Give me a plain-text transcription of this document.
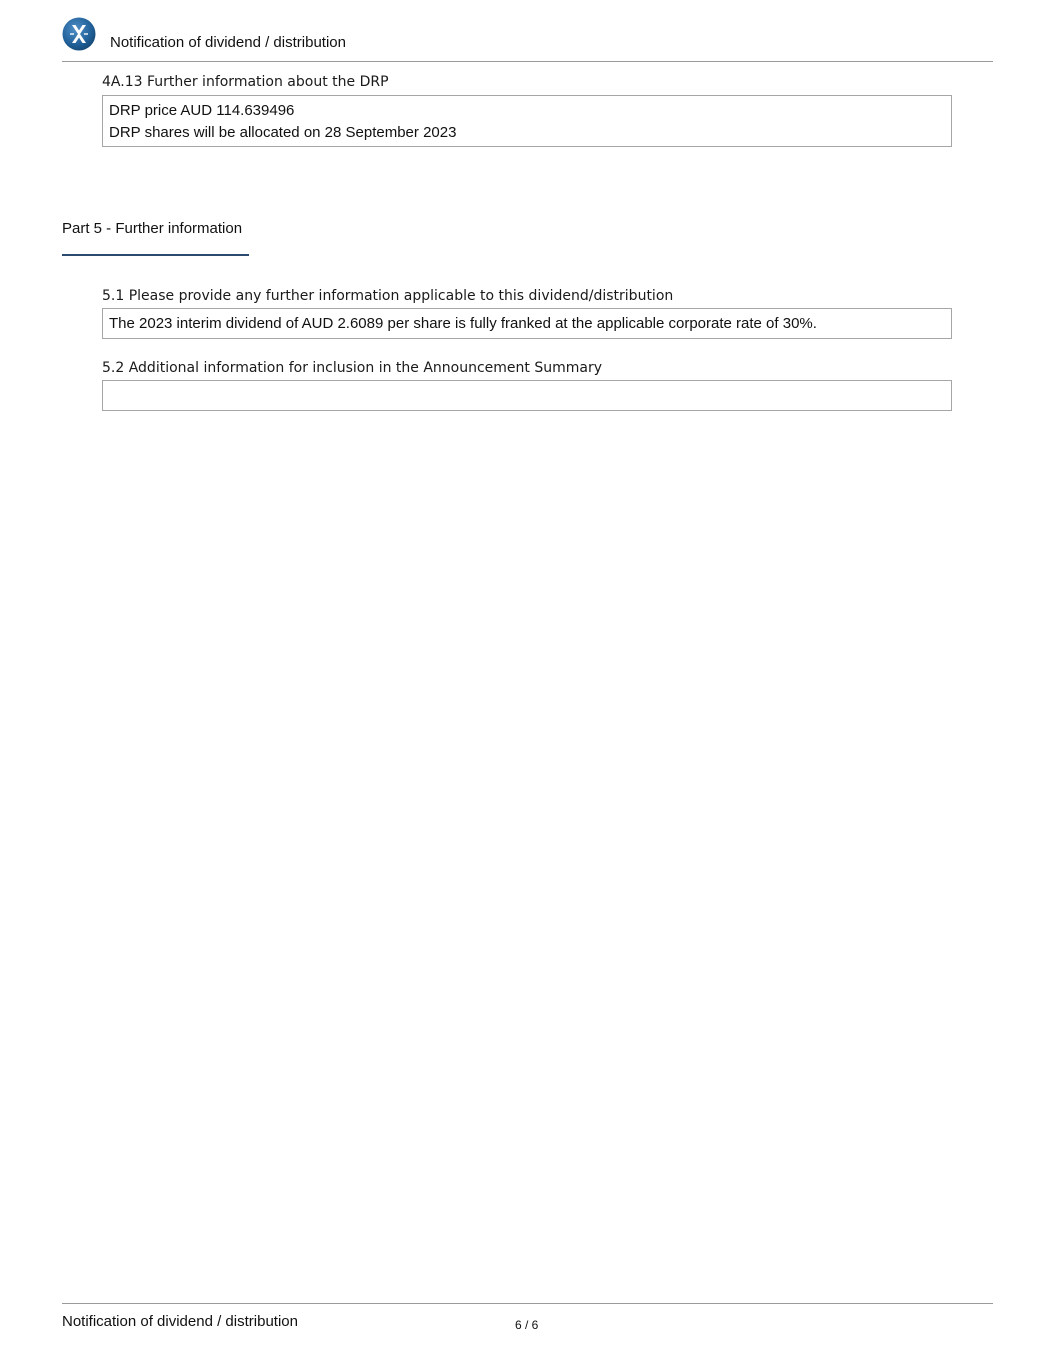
Notification of dividend / distribution
4A.13 Further information about the DRP
DRP price AUD 114.639496
DRP shares will be allocated on 28 September 2023
Part 5 - Further information
5.1 Please provide any further information applicable to this dividend/distribution
The 2023 interim dividend of AUD 2.6089 per share is fully franked at the applicable corporate rate of 30%.
5.2 Additional information for inclusion in the Announcement Summary
Notification of dividend / distribution	6 / 6
